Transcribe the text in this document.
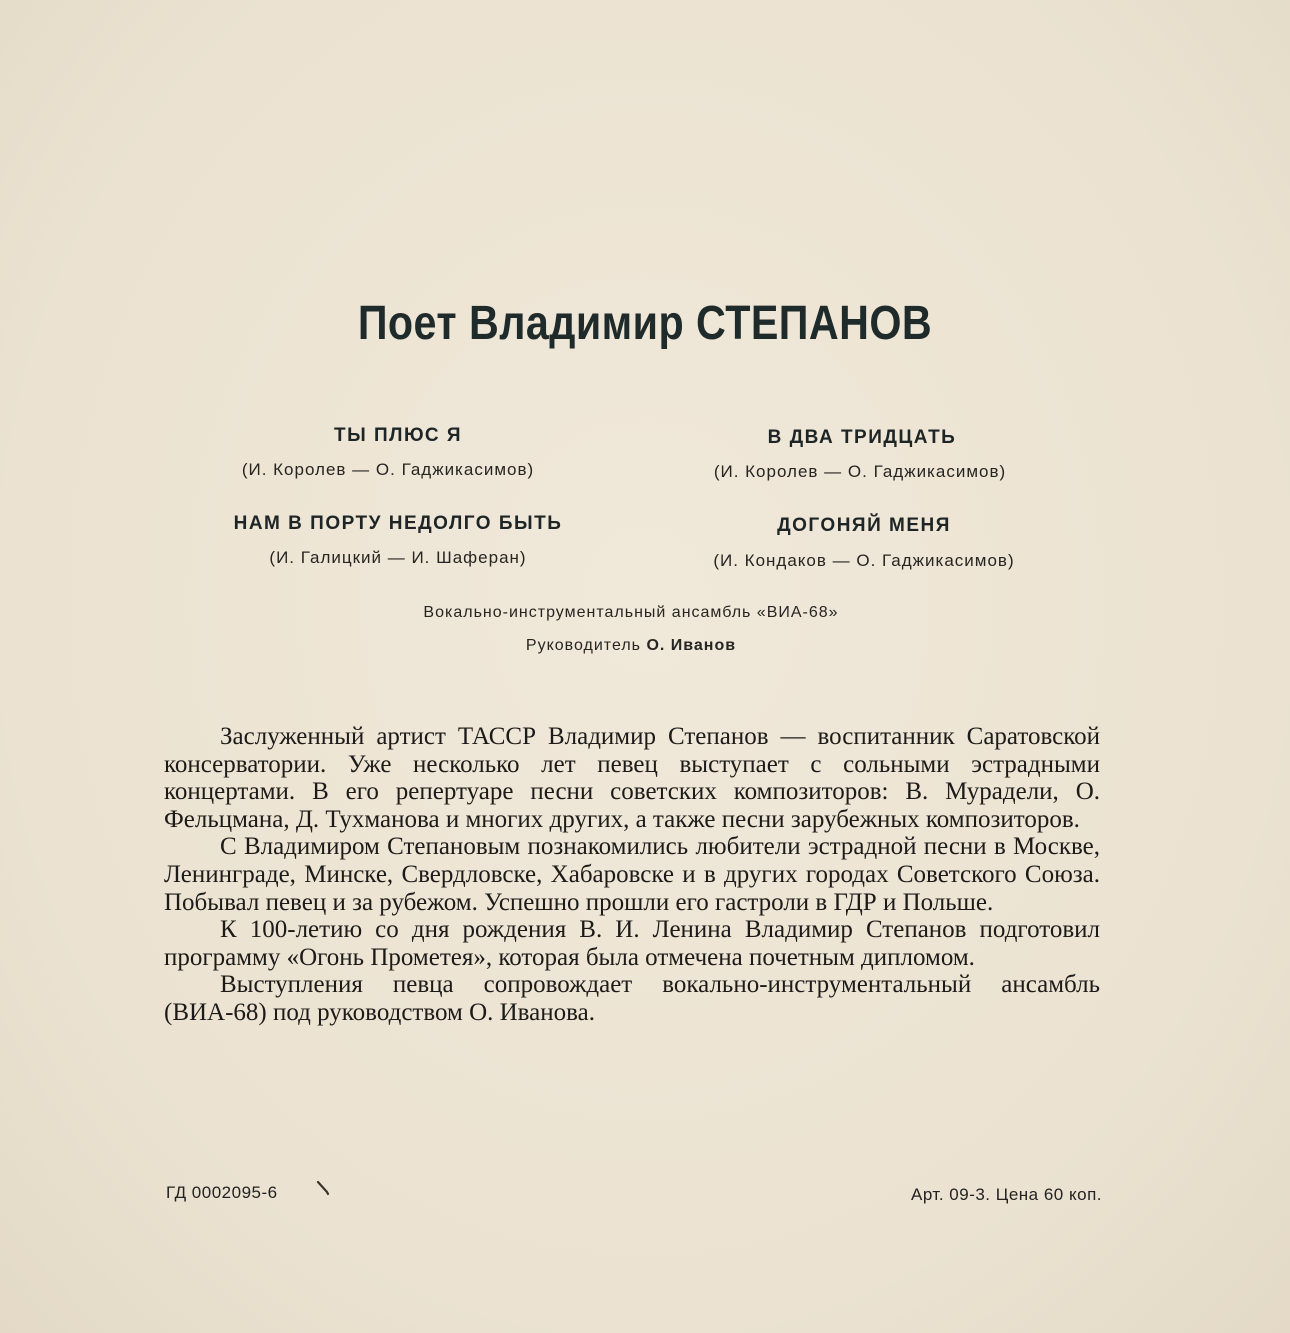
Поет Владимир СТЕПАНОВ
ТЫ ПЛЮС Я
(И. Королев — О. Гаджикасимов)
В ДВА ТРИДЦАТЬ
(И. Королев — О. Гаджикасимов)
НАМ В ПОРТУ НЕДОЛГО БЫТЬ
(И. Галицкий — И. Шаферан)
ДОГОНЯЙ МЕНЯ
(И. Кондаков — О. Гаджикасимов)
Вокально-инструментальный ансамбль «ВИА-68»
Руководитель О. Иванов

Заслуженный артист ТАССР Владимир Степанов — воспитанник Саратовской консерватории. Уже несколько лет певец выступает с сольными эстрадными концертами. В его репертуаре песни советских композиторов: В. Мурадели, О. Фельцмана, Д. Тухманова и многих других, а также песни зарубежных композиторов.

С Владимиром Степановым познакомились любители эстрадной песни в Москве, Ленинграде, Минске, Свердловске, Хабаровске и в других городах Советского Союза. Побывал певец и за рубежом. Успешно прошли его гастроли в ГДР и Польше.

К 100-летию со дня рождения В. И. Ленина Владимир Степанов подготовил программу «Огонь Прометея», которая была отмечена почетным дипломом.

Выступления певца сопровождает вокально-инструментальный ансамбль (ВИА-68) под руководством О. Иванова.

ГД 0002095-6	Арт. 09-3. Цена 60 коп.
